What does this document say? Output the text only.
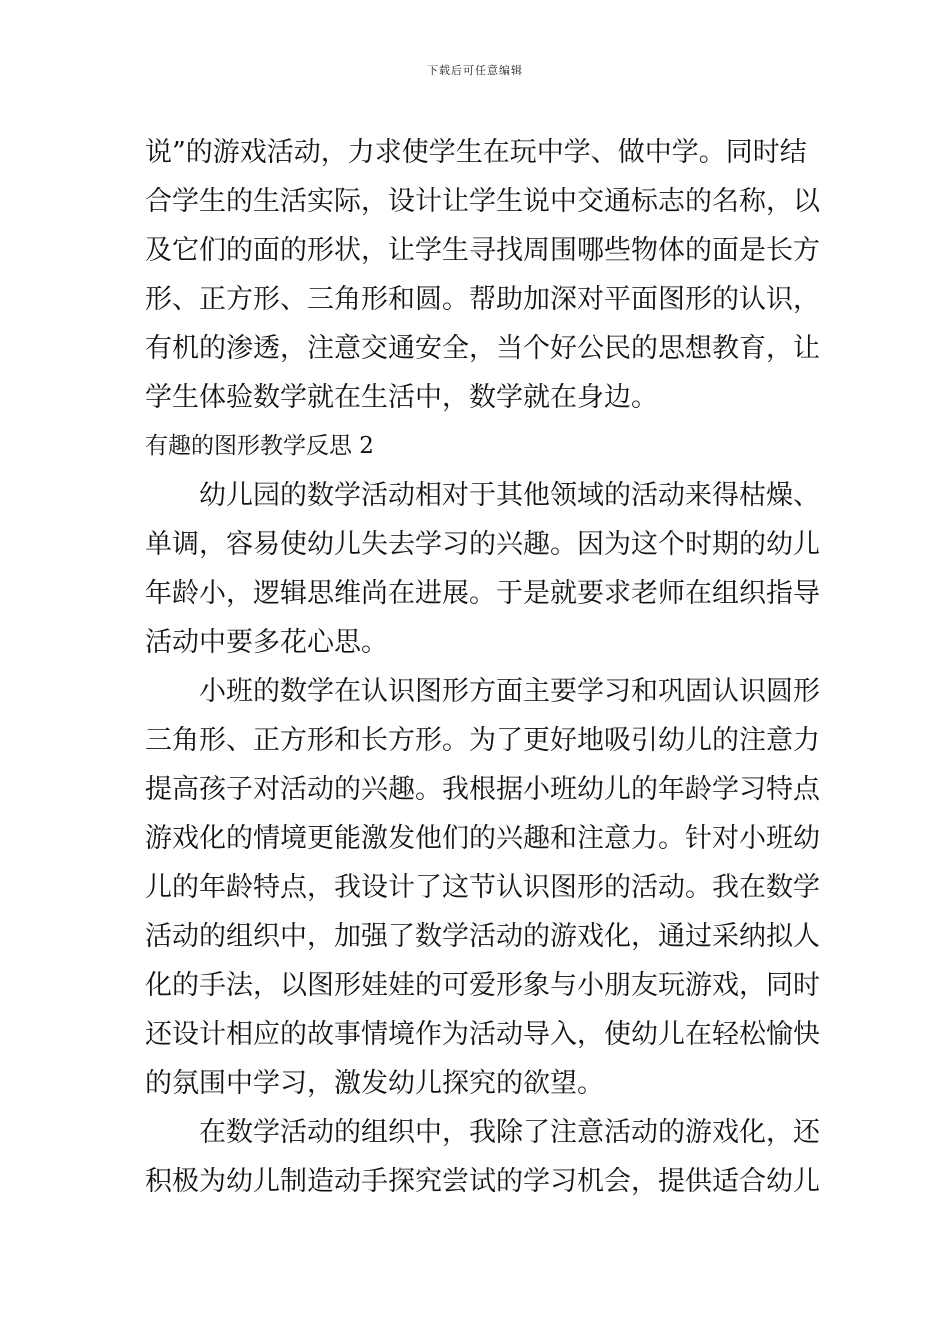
下载后可任意编辑
说”的游戏活动，力求使学生在玩中学、做中学。同时结
合学生的生活实际，设计让学生说中交通标志的名称，以
及它们的面的形状，让学生寻找周围哪些物体的面是长方
形、正方形、三角形和圆。帮助加深对平面图形的认识，
有机的渗透，注意交通安全，当个好公民的思想教育，让
学生体验数学就在生活中，数学就在身边。
有趣的图形教学反思 2
　　幼儿园的数学活动相对于其他领域的活动来得枯燥、
单调，容易使幼儿失去学习的兴趣。因为这个时期的幼儿
年龄小，逻辑思维尚在进展。于是就要求老师在组织指导
活动中要多花心思。
　　小班的数学在认识图形方面主要学习和巩固认识圆形
三角形、正方形和长方形。为了更好地吸引幼儿的注意力
提高孩子对活动的兴趣。我根据小班幼儿的年龄学习特点
游戏化的情境更能激发他们的兴趣和注意力。针对小班幼
儿的年龄特点，我设计了这节认识图形的活动。我在数学
活动的组织中，加强了数学活动的游戏化，通过采纳拟人
化的手法，以图形娃娃的可爱形象与小朋友玩游戏，同时
还设计相应的故事情境作为活动导入，使幼儿在轻松愉快
的氛围中学习，激发幼儿探究的欲望。
　　在数学活动的组织中，我除了注意活动的游戏化，还
积极为幼儿制造动手探究尝试的学习机会，提供适合幼儿
